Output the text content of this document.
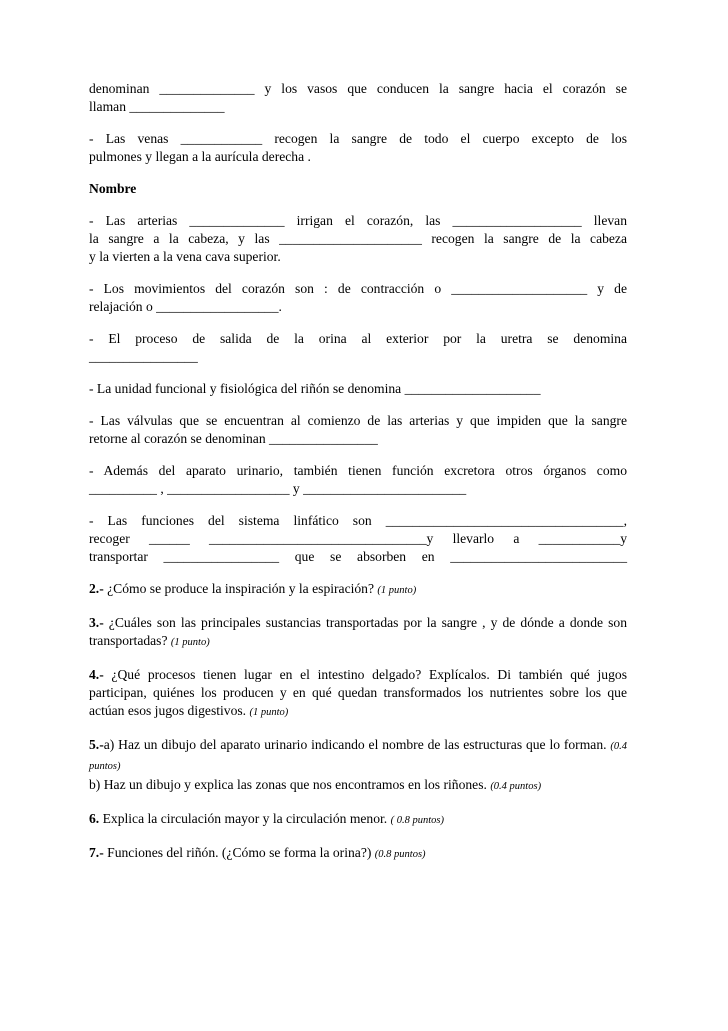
denominan ______________ y los vasos que conducen la sangre hacia el corazón se
llaman ______________
- Las venas ____________ recogen la sangre de todo el cuerpo excepto de los
pulmones y llegan a la aurícula derecha .
Nombre
- Las arterias ______________ irrigan el corazón, las ___________________ llevan
la sangre a la cabeza, y las _____________________ recogen la sangre de la cabeza
y la vierten a la vena cava superior.
- Los movimientos del corazón son : de contracción o ____________________ y de
relajación o __________________.
- El proceso de salida de la orina al exterior por la uretra se denomina
________________
- La unidad funcional y fisiológica del riñón se denomina ____________________
- Las válvulas que se encuentran al comienzo de las arterias y que impiden que la sangre
retorne al corazón se denominan ________________
- Además del aparato urinario, también tienen función excretora otros órganos como
__________ , __________________ y ________________________
- Las funciones del sistema linfático son ___________________________________,
recoger ______ ________________________________y llevarlo a ____________y
transportar _________________ que se absorben en __________________________
2.- ¿Cómo se produce la inspiración y la espiración? (1 punto)
3.- ¿Cuáles son las principales sustancias transportadas por la sangre , y de dónde a donde son transportadas? (1 punto)
4.- ¿Qué procesos tienen lugar en el intestino delgado? Explícalos. Di también qué jugos participan, quiénes los producen y en qué quedan transformados los nutrientes sobre los que actúan esos jugos digestivos. (1 punto)
5.-a) Haz un dibujo del aparato urinario indicando el nombre de las estructuras que lo forman. (0.4 puntos)
b) Haz un dibujo y explica las zonas que nos encontramos en los riñones. (0.4 puntos)
6. Explica la circulación mayor y la circulación menor. ( 0.8 puntos)
7.- Funciones del riñón. (¿Cómo se forma la orina?) (0.8 puntos)
